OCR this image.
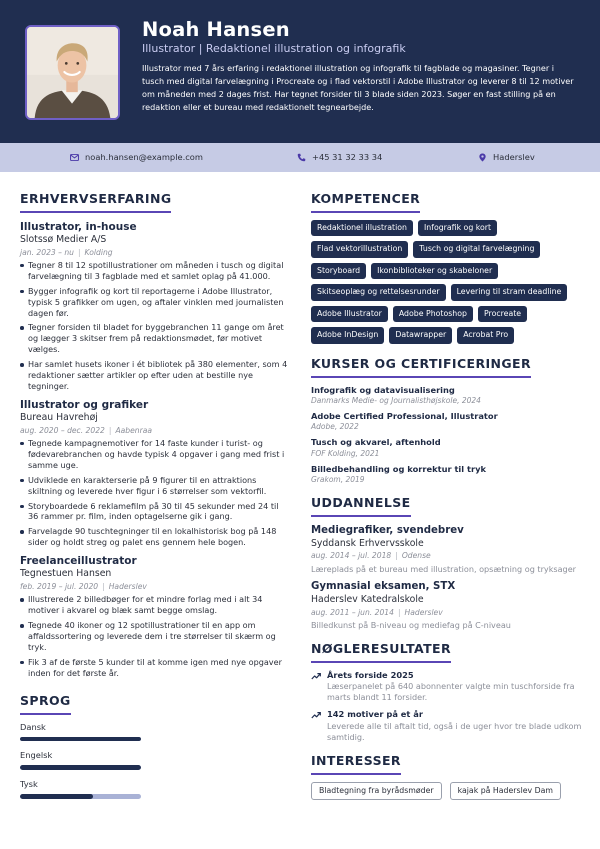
Noah Hansen
Illustrator | Redaktionel illustration og infografik
Illustrator med 7 års erfaring i redaktionel illustration og infografik til fagblade og magasiner. Tegner i tusch med digital farvelægning i Procreate og i flad vektorstil i Adobe Illustrator og leverer 8 til 12 motiver om måneden med 2 dages frist. Har tegnet forsider til 3 blade siden 2023. Søger en fast stilling på en redaktion eller et bureau med redaktionelt tegnearbejde.
noah.hansen@example.com	+45 31 32 33 34	Haderslev
ERHVERVSERFARING
Illustrator, in-house
Slotssø Medier A/S
jan. 2023 – nu | Kolding
Tegner 8 til 12 spotillustrationer om måneden i tusch og digital farvelægning til 3 fagblade med et samlet oplag på 41.000.
Bygger infografik og kort til reportagerne i Adobe Illustrator, typisk 5 grafikker om ugen, og aftaler vinklen med journalisten dagen før.
Tegner forsiden til bladet for byggebranchen 11 gange om året og lægger 3 skitser frem på redaktionsmødet, før motivet vælges.
Har samlet husets ikoner i ét bibliotek på 380 elementer, som 4 redaktioner sætter artikler op efter uden at bestille nye tegninger.
Illustrator og grafiker
Bureau Havrehøj
aug. 2020 – dec. 2022 | Aabenraa
Tegnede kampagnemotiver for 14 faste kunder i turist- og fødevarebranchen og havde typisk 4 opgaver i gang med frist i samme uge.
Udviklede en karakterserie på 9 figurer til en attraktions skiltning og leverede hver figur i 6 størrelser som vektorfil.
Storyboardede 6 reklamefilm på 30 til 45 sekunder med 24 til 36 rammer pr. film, inden optagelserne gik i gang.
Farvelagde 90 tuschtegninger til en lokalhistorisk bog på 148 sider og holdt streg og palet ens gennem hele bogen.
Freelanceillustrator
Tegnestuen Hansen
feb. 2019 – jul. 2020 | Haderslev
Illustrerede 2 billedbøger for et mindre forlag med i alt 34 motiver i akvarel og blæk samt begge omslag.
Tegnede 40 ikoner og 12 spotillustrationer til en app om affaldssortering og leverede dem i tre størrelser til skærm og tryk.
Fik 3 af de første 5 kunder til at komme igen med nye opgaver inden for det første år.
SPROG
Dansk
Engelsk
Tysk
KOMPETENCER
Redaktionel illustration	Infografik og kort
Flad vektorillustration	Tusch og digital farvelægning
Storyboard	Ikonbiblioteker og skabeloner
Skitseoplæg og rettelsesrunder	Levering til stram deadline
Adobe Illustrator	Adobe Photoshop	Procreate
Adobe InDesign	Datawrapper	Acrobat Pro
KURSER OG CERTIFICERINGER
Infografik og datavisualisering
Danmarks Medie- og Journalisthøjskole, 2024
Adobe Certified Professional, Illustrator
Adobe, 2022
Tusch og akvarel, aftenhold
FOF Kolding, 2021
Billedbehandling og korrektur til tryk
Grakom, 2019
UDDANNELSE
Mediegrafiker, svendebrev
Syddansk Erhvervsskole
aug. 2014 – jul. 2018 | Odense
Læreplads på et bureau med illustration, opsætning og tryksager
Gymnasial eksamen, STX
Haderslev Katedralskole
aug. 2011 – jun. 2014 | Haderslev
Billedkunst på B-niveau og mediefag på C-niveau
NØGLERESULTATER
Årets forside 2025
Læserpanelet på 640 abonnenter valgte min tuschforside fra marts blandt 11 forsider.
142 motiver på et år
Leverede alle til aftalt tid, også i de uger hvor tre blade udkom samtidig.
INTERESSER
Bladtegning fra byrådsmøder	kajak på Haderslev Dam
